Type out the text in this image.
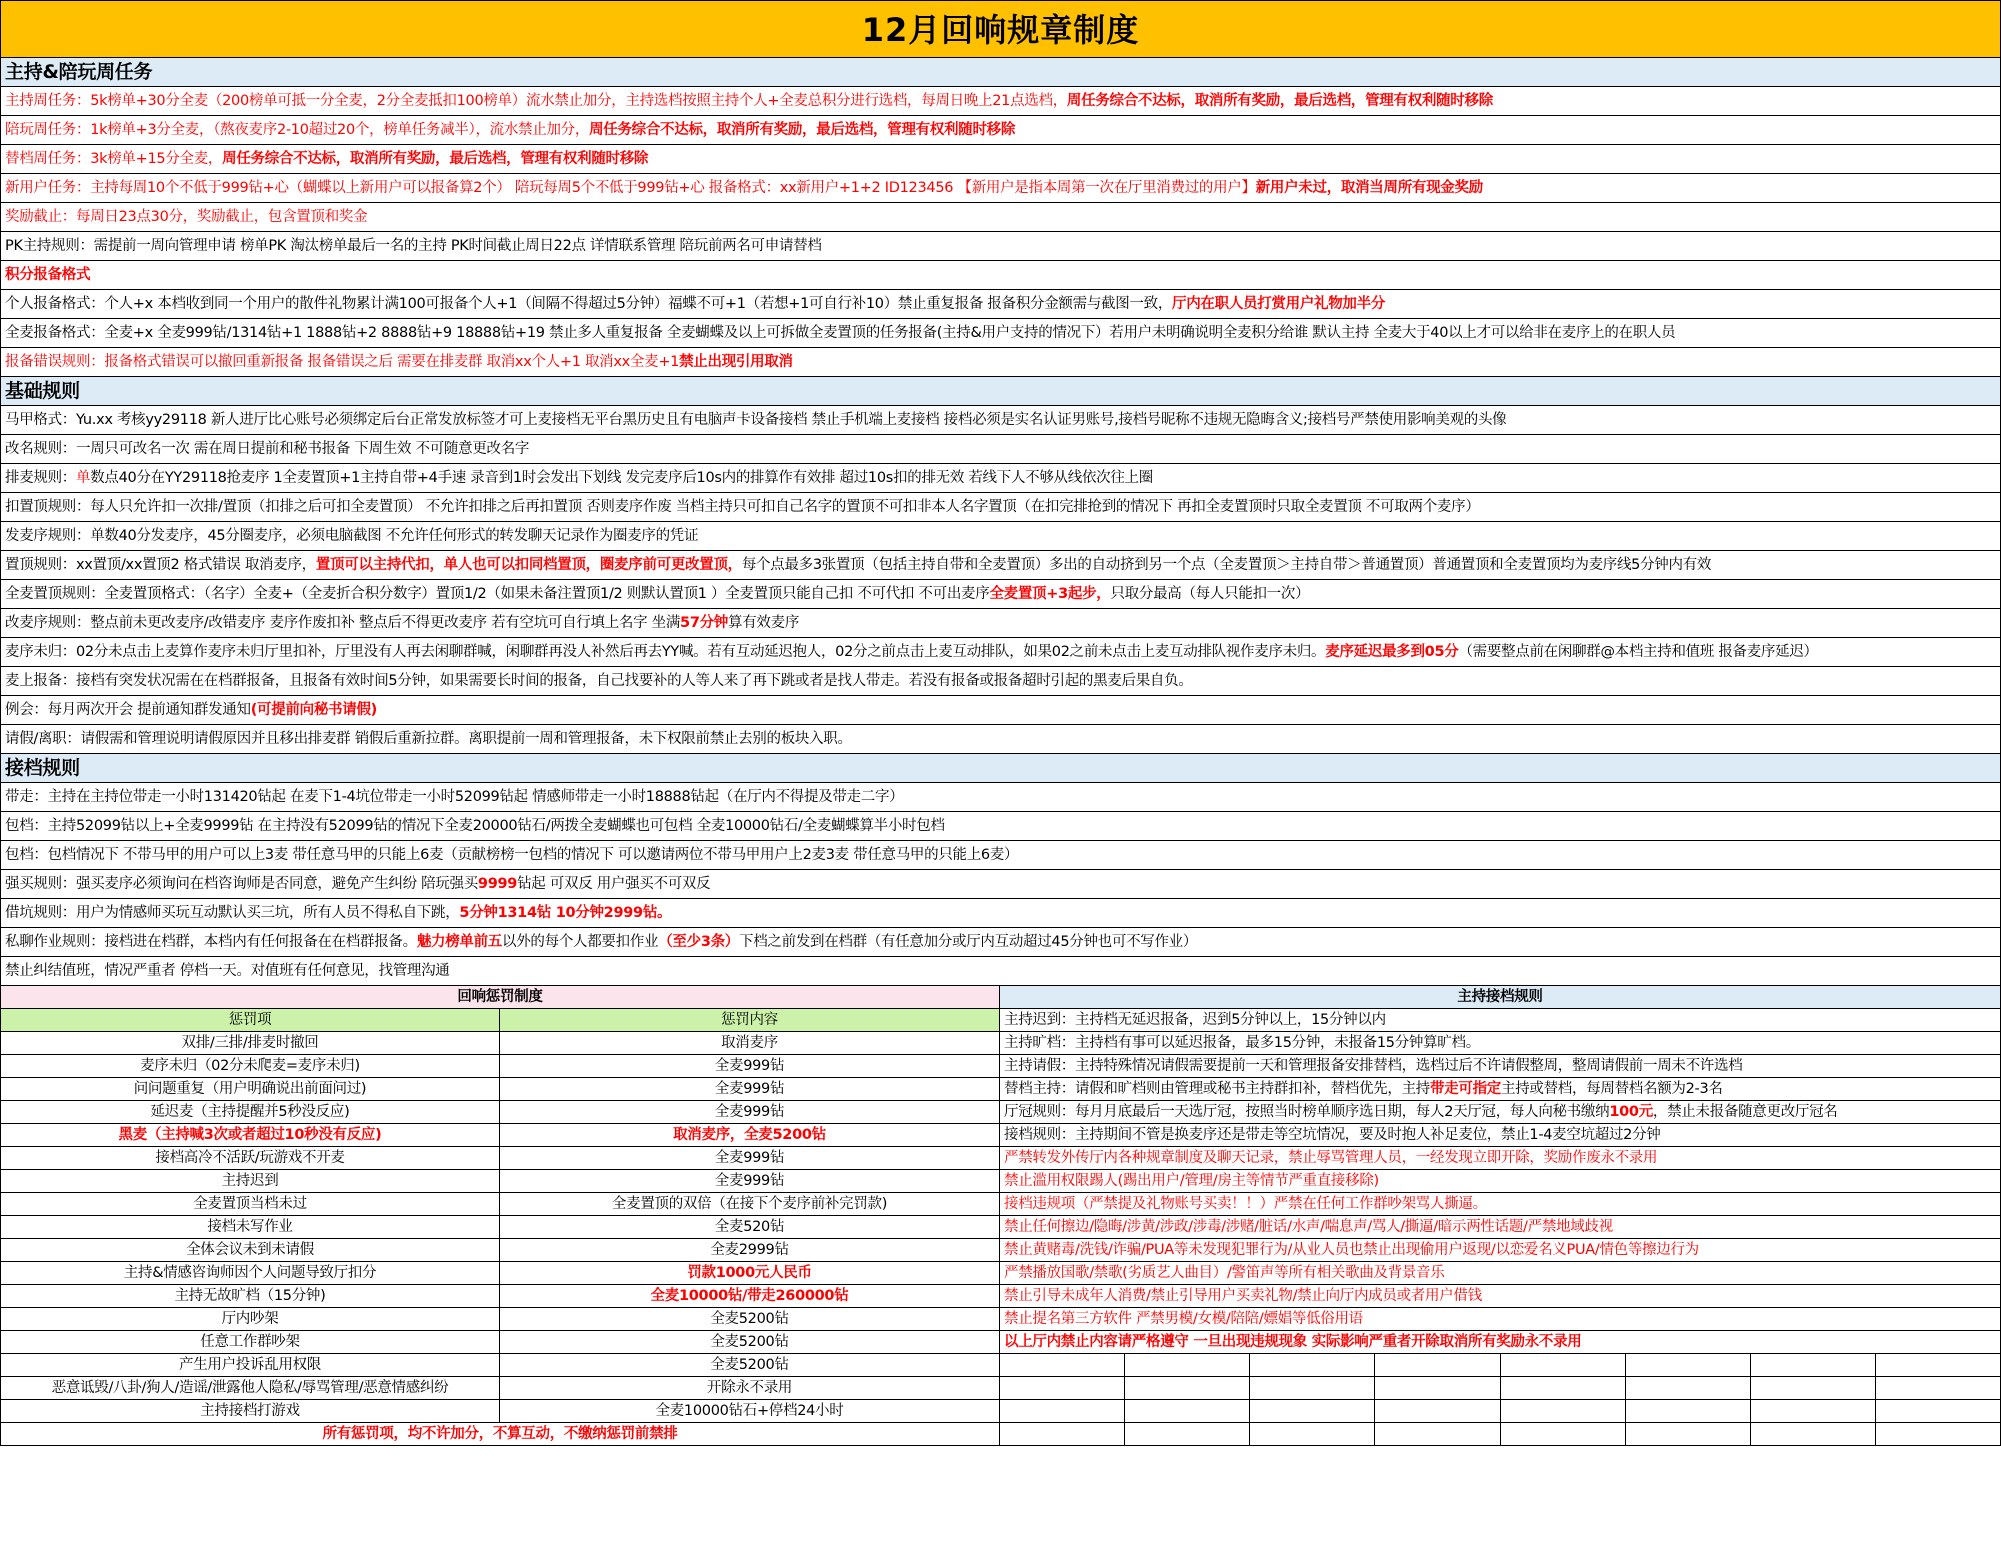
12月回响规章制度
主持&陪玩周任务
主持周任务：5k榜单+30分全麦（200榜单可抵一分全麦，2分全麦抵扣100榜单）流水禁止加分，主持选档按照主持个人+全麦总积分进行选档，每周日晚上21点选档，周任务综合不达标，取消所有奖励，最后选档，管理有权利随时移除
陪玩周任务：1k榜单+3分全麦，（熬夜麦序2-10超过20个，榜单任务减半），流水禁止加分，周任务综合不达标，取消所有奖励，最后选档，管理有权利随时移除
替档周任务：3k榜单+15分全麦，周任务综合不达标，取消所有奖励，最后选档，管理有权利随时移除
新用户任务：主持每周10个不低于999钻+心（蝴蝶以上新用户可以报备算2个） 陪玩每周5个不低于999钻+心 报备格式：xx新用户+1+2 ID123456 【新用户是指本周第一次在厅里消费过的用户】新用户未过，取消当周所有现金奖励
奖励截止：每周日23点30分，奖励截止，包含置顶和奖金
PK主持规则：需提前一周向管理申请 榜单PK 淘汰榜单最后一名的主持 PK时间截止周日22点 详情联系管理 陪玩前两名可申请替档
积分报备格式
个人报备格式：个人+x 本档收到同一个用户的散件礼物累计满100可报备个人+1（间隔不得超过5分钟）福蝶不可+1（若想+1可自行补10）禁止重复报备 报备积分金额需与截图一致，厅内在职人员打赏用户礼物加半分
全麦报备格式：全麦+x 全麦999钻/1314钻+1 1888钻+2 8888钻+9 18888钻+19 禁止多人重复报备 全麦蝴蝶及以上可拆做全麦置顶的任务报备(主持&用户支持的情况下）若用户未明确说明全麦积分给谁 默认主持 全麦大于40以上才可以给非在麦序上的在职人员
报备错误规则：报备格式错误可以撤回重新报备 报备错误之后 需要在排麦群 取消xx个人+1 取消xx全麦+1禁止出现引用取消
基础规则
马甲格式：Yu.xx 考核yy29118 新人进厅比心账号必须绑定后台正常发放标签才可上麦接档无平台黑历史且有电脑声卡设备接档 禁止手机端上麦接档 接档必须是实名认证男账号,接档号昵称不违规无隐晦含义;接档号严禁使用影响美观的头像
改名规则：一周只可改名一次 需在周日提前和秘书报备 下周生效 不可随意更改名字
排麦规则：单数点40分在YY29118抢麦序 1全麦置顶+1主持自带+4手速 录音到1时会发出下划线 发完麦序后10s内的排算作有效排 超过10s扣的排无效 若线下人不够从线依次往上圈
扣置顶规则：每人只允许扣一次排/置顶（扣排之后可扣全麦置顶） 不允许扣排之后再扣置顶 否则麦序作废 当档主持只可扣自己名字的置顶不可扣非本人名字置顶（在扣完排抢到的情况下 再扣全麦置顶时只取全麦置顶 不可取两个麦序）
发麦序规则：单数40分发麦序，45分圈麦序，必须电脑截图 不允许任何形式的转发聊天记录作为圈麦序的凭证
置顶规则：xx置顶/xx置顶2 格式错误 取消麦序，置顶可以主持代扣，单人也可以扣同档置顶，圈麦序前可更改置顶，每个点最多3张置顶（包括主持自带和全麦置顶）多出的自动挤到另一个点（全麦置顶＞主持自带＞普通置顶）普通置顶和全麦置顶均为麦序线5分钟内有效
全麦置顶规则：全麦置顶格式：（名字）全麦+（全麦折合积分数字）置顶1/2（如果未备注置顶1/2 则默认置顶1 ）全麦置顶只能自己扣 不可代扣 不可出麦序全麦置顶+3起步，只取分最高（每人只能扣一次）
改麦序规则：整点前未更改麦序/改错麦序 麦序作废扣补 整点后不得更改麦序 若有空坑可自行填上名字 坐满57分钟算有效麦序
麦序未归：02分未点击上麦算作麦序未归厅里扣补，厅里没有人再去闲聊群喊，闲聊群再没人补然后再去YY喊。若有互动延迟抱人，02分之前点击上麦互动排队，如果02之前未点击上麦互动排队视作麦序未归。麦序延迟最多到05分（需要整点前在闲聊群@本档主持和值班 报备麦序延迟）
麦上报备：接档有突发状况需在在档群报备，且报备有效时间5分钟，如果需要长时间的报备，自己找要补的人等人来了再下跳或者是找人带走。若没有报备或报备超时引起的黑麦后果自负。
例会：每月两次开会 提前通知群发通知(可提前向秘书请假)
请假/离职：请假需和管理说明请假原因并且移出排麦群 销假后重新拉群。离职提前一周和管理报备，未下权限前禁止去别的板块入职。
接档规则
带走：主持在主持位带走一小时131420钻起 在麦下1-4坑位带走一小时52099钻起 情感师带走一小时18888钻起（在厅内不得提及带走二字）
包档：主持52099钻以上+全麦9999钻 在主持没有52099钻的情况下全麦20000钻石/两拨全麦蝴蝶也可包档 全麦10000钻石/全麦蝴蝶算半小时包档
包档：包档情况下 不带马甲的用户可以上3麦 带任意马甲的只能上6麦（贡献榜榜一包档的情况下 可以邀请两位不带马甲用户上2麦3麦 带任意马甲的只能上6麦）
强买规则：强买麦序必须询问在档咨询师是否同意，避免产生纠纷 陪玩强买9999钻起 可双反 用户强买不可双反
借坑规则：用户为情感师买玩互动默认买三坑，所有人员不得私自下跳，5分钟1314钻 10分钟2999钻。
私聊作业规则：接档进在档群，本档内有任何报备在在档群报备。魅力榜单前五以外的每个人都要扣作业（至少3条）下档之前发到在档群（有任意加分或厅内互动超过45分钟也可不写作业）
禁止纠结值班，情况严重者 停档一天。对值班有任何意见，找管理沟通
回响惩罚制度	主持接档规则
惩罚项	惩罚内容	主持迟到：主持档无延迟报备，迟到5分钟以上，15分钟以内
主持旷档：主持档有事可以延迟报备，最多15分钟，未报备15分钟算旷档。
主持请假：主持特殊情况请假需要提前一天和管理报备安排替档，选档过后不许请假整周，整周请假前一周未不许选档
替档主持：请假和旷档则由管理或秘书主持群扣补，替档优先，主持带走可指定主持或替档，每周替档名额为2-3名
厅冠规则：每月月底最后一天选厅冠，按照当时榜单顺序选日期，每人2天厅冠，每人向秘书缴纳100元，禁止未报备随意更改厅冠名
接档规则：主持期间不管是换麦序还是带走等空坑情况，要及时抱人补足麦位，禁止1-4麦空坑超过2分钟
严禁转发外传厅内各种规章制度及聊天记录，禁止辱骂管理人员，一经发现立即开除，奖励作废永不录用
禁止滥用权限踢人(踢出用户/管理/房主等情节严重直接移除)
接档违规项（严禁提及礼物账号买卖！！）严禁在任何工作群吵架骂人撕逼。
禁止任何擦边/隐晦/涉黄/涉政/涉毒/涉赌/脏话/水声/喘息声/骂人/撕逼/暗示两性话题/严禁地域歧视
禁止黄赌毒/洗钱/诈骗/PUA等未发现犯罪行为/从业人员也禁止出现偷用户返现/以恋爱名义PUA/情色等擦边行为
严禁播放国歌/禁歌(劣质艺人曲目）/警笛声等所有相关歌曲及背景音乐
禁止引导未成年人消费/禁止引导用户买卖礼物/禁止向厅内成员或者用户借钱
禁止提名第三方软件 严禁男模/女模/陪陪/嫖娼等低俗用语
以上厅内禁止内容请严格遵守 一旦出现违规现象 实际影响严重者开除取消所有奖励永不录用
双排/三排/排麦时撤回	取消麦序
麦序未归（02分未爬麦=麦序未归)	全麦999钻
问问题重复（用户明确说出前面问过)	全麦999钻
延迟麦（主持提醒并5秒没反应)	全麦999钻
黑麦（主持喊3次或者超过10秒没有反应)	取消麦序，全麦5200钻
接档高冷不活跃/玩游戏不开麦	全麦999钻
主持迟到	全麦999钻
全麦置顶当档未过	全麦置顶的双倍（在接下个麦序前补完罚款)
接档未写作业	全麦520钻
全体会议未到未请假	全麦2999钻
主持&情感咨询师因个人问题导致厅扣分	罚款1000元人民币
主持无故旷档（15分钟)	全麦10000钻/带走260000钻
厅内吵架	全麦5200钻
任意工作群吵架	全麦5200钻
产生用户投诉乱用权限	全麦5200钻
恶意诋毁/八卦/狗人/造谣/泄露他人隐私/辱骂管理/恶意情感纠纷	开除永不录用
主持接档打游戏	全麦10000钻石+停档24小时
所有惩罚项，均不许加分，不算互动，不缴纳惩罚前禁排
